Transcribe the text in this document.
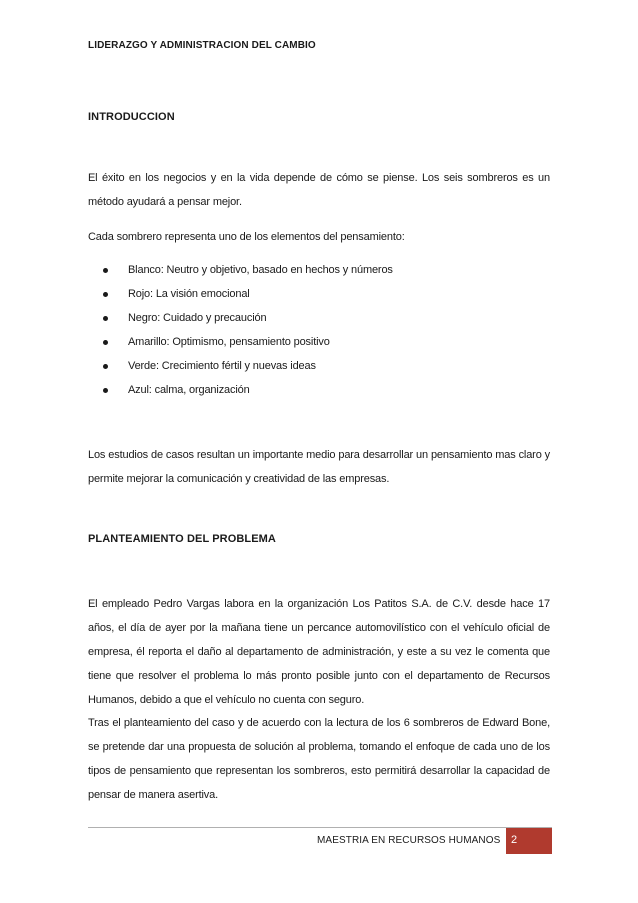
LIDERAZGO Y ADMINISTRACION DEL CAMBIO
INTRODUCCION

El éxito en los negocios y en la vida depende de cómo se piense. Los seis sombreros es un método ayudará a pensar mejor.

Cada sombrero representa uno de los elementos del pensamiento:

Blanco: Neutro y objetivo, basado en hechos y números
Rojo: La visión emocional
Negro: Cuidado y precaución
Amarillo: Optimismo, pensamiento positivo
Verde: Crecimiento fértil y nuevas ideas
Azul: calma, organización

Los estudios de casos resultan un importante medio para desarrollar un pensamiento mas claro y permite mejorar la comunicación y creatividad de las empresas.

PLANTEAMIENTO DEL PROBLEMA

El empleado Pedro Vargas labora en la organización Los Patitos S.A. de C.V. desde hace 17 años, el día de ayer por la mañana tiene un percance automovilístico con el vehículo oficial de empresa, él reporta el daño al departamento de administración, y este a su vez le comenta que tiene que resolver el problema lo más pronto posible junto con el departamento de Recursos Humanos, debido a que el vehículo no cuenta con seguro.

Tras el planteamiento del caso y de acuerdo con la lectura de los 6 sombreros de Edward Bone, se pretende dar una propuesta de solución al problema, tomando el enfoque de cada uno de los tipos de pensamiento que representan los sombreros, esto permitirá desarrollar la capacidad de pensar de manera asertiva.

MAESTRIA EN RECURSOS HUMANOS 2
